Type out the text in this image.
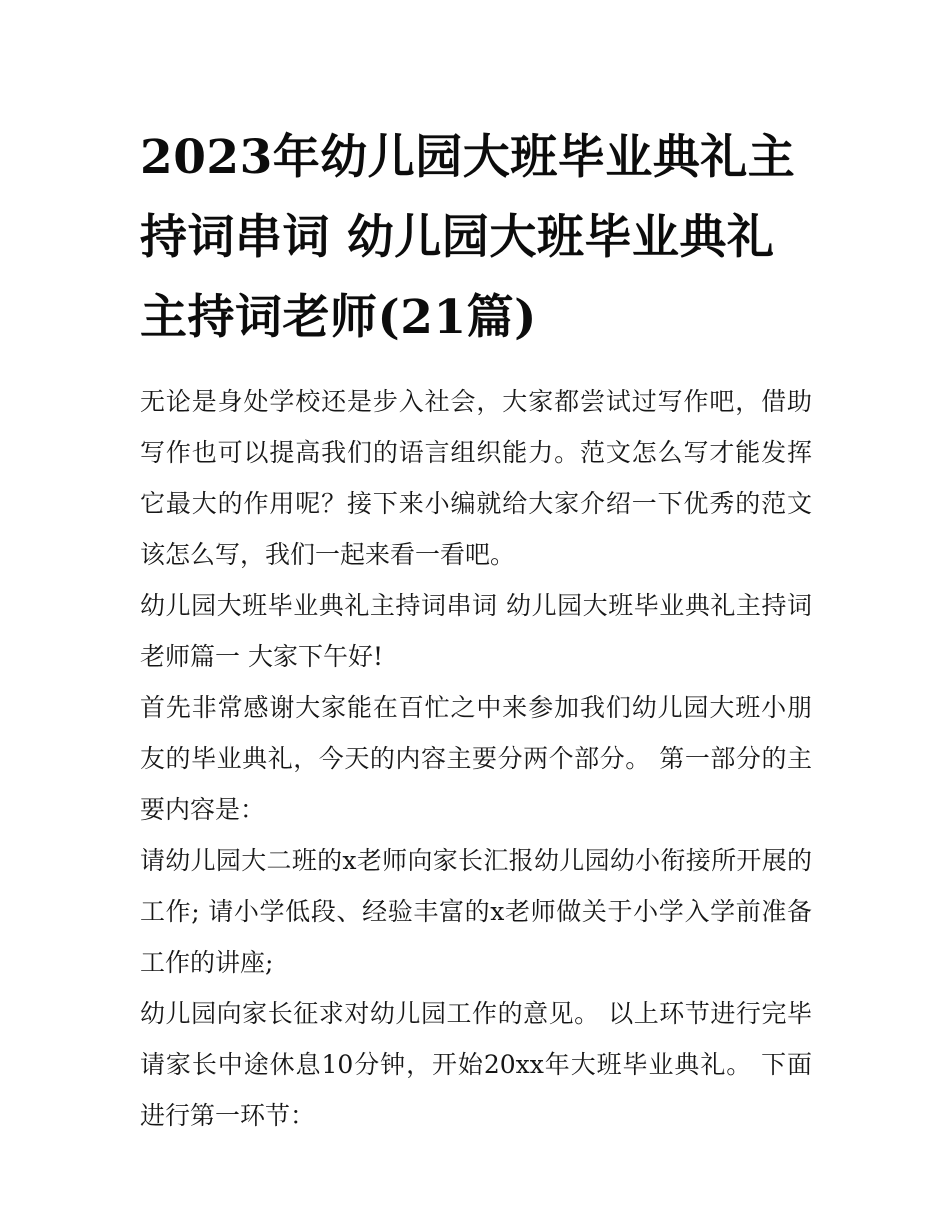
2023年幼儿园大班毕业典礼主持词串词 幼儿园大班毕业典礼主持词老师(21篇)

无论是身处学校还是步入社会，大家都尝试过写作吧，借助写作也可以提高我们的语言组织能力。范文怎么写才能发挥它最大的作用呢？接下来小编就给大家介绍一下优秀的范文该怎么写，我们一起来看一看吧。

幼儿园大班毕业典礼主持词串词 幼儿园大班毕业典礼主持词老师篇一 大家下午好!

首先非常感谢大家能在百忙之中来参加我们幼儿园大班小朋友的毕业典礼，今天的内容主要分两个部分。 第一部分的主要内容是：

请幼儿园大二班的x老师向家长汇报幼儿园幼小衔接所开展的工作; 请小学低段、经验丰富的x老师做关于小学入学前准备工作的讲座;

幼儿园向家长征求对幼儿园工作的意见。 以上环节进行完毕请家长中途休息10分钟，开始20xx年大班毕业典礼。 下面进行第一环节：
